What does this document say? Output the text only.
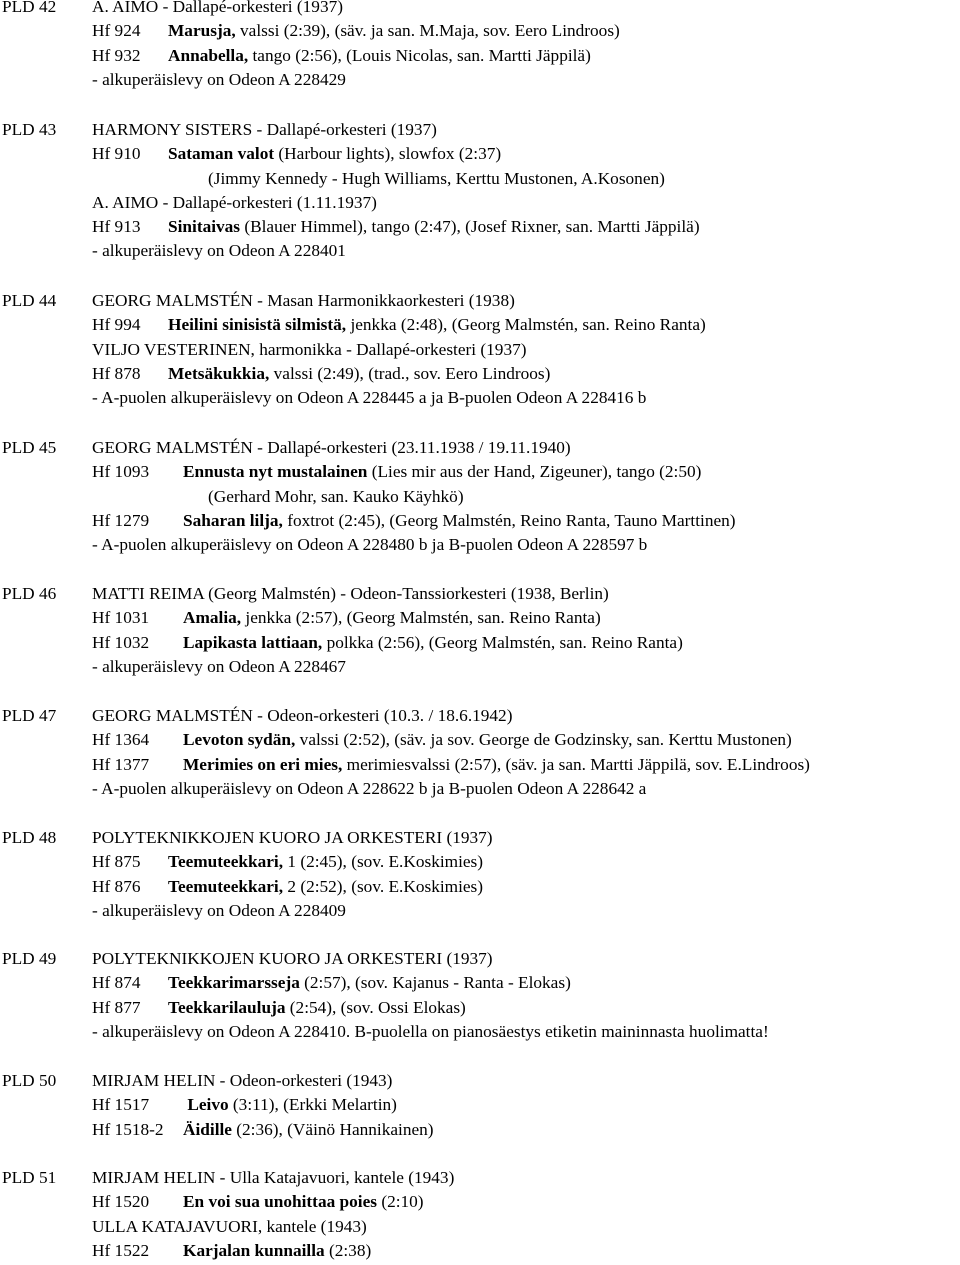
PLD 42 A. AIMO - Dallapé-orkesteri (1937)
Hf 924 Marusja, valssi (2:39), (säv. ja san. M.Maja, sov. Eero Lindroos)
Hf 932 Annabella, tango (2:56), (Louis Nicolas, san. Martti Jäppilä)
- alkuperäislevy on Odeon A 228429
PLD 43 HARMONY SISTERS - Dallapé-orkesteri (1937)
Hf 910 Sataman valot (Harbour lights), slowfox (2:37)
(Jimmy Kennedy - Hugh Williams, Kerttu Mustonen, A.Kosonen)
A. AIMO - Dallapé-orkesteri (1.11.1937)
Hf 913 Sinitaivas (Blauer Himmel), tango (2:47), (Josef Rixner, san. Martti Jäppilä)
- alkuperäislevy on Odeon A 228401
PLD 44 GEORG MALMSTÉN - Masan Harmonikkaorkesteri (1938)
Hf 994 Heilini sinisistä silmistä, jenkka (2:48), (Georg Malmstén, san. Reino Ranta)
VILJO VESTERINEN, harmonikka - Dallapé-orkesteri (1937)
Hf 878 Metsäkukkia, valssi (2:49), (trad., sov. Eero Lindroos)
- A-puolen alkuperäislevy on Odeon A 228445 a ja B-puolen Odeon A 228416 b
PLD 45 GEORG MALMSTÉN - Dallapé-orkesteri (23.11.1938 / 19.11.1940)
Hf 1093 Ennusta nyt mustalainen (Lies mir aus der Hand, Zigeuner), tango (2:50)
(Gerhard Mohr, san. Kauko Käyhkö)
Hf 1279 Saharan lilja, foxtrot (2:45), (Georg Malmstén, Reino Ranta, Tauno Marttinen)
- A-puolen alkuperäislevy on Odeon A 228480 b ja B-puolen Odeon A 228597 b
PLD 46 MATTI REIMA (Georg Malmstén) - Odeon-Tanssiorkesteri (1938, Berlin)
Hf 1031 Amalia, jenkka (2:57), (Georg Malmstén, san. Reino Ranta)
Hf 1032 Lapikasta lattiaan, polkka (2:56), (Georg Malmstén, san. Reino Ranta)
- alkuperäislevy on Odeon A 228467
PLD 47 GEORG MALMSTÉN - Odeon-orkesteri (10.3. / 18.6.1942)
Hf 1364 Levoton sydän, valssi (2:52), (säv. ja sov. George de Godzinsky, san. Kerttu Mustonen)
Hf 1377 Merimies on eri mies, merimiesvalssi (2:57), (säv. ja san. Martti Jäppilä, sov. E.Lindroos)
- A-puolen alkuperäislevy on Odeon A 228622 b ja B-puolen Odeon A 228642 a
PLD 48 POLYTEKNIKKOJEN KUORO JA ORKESTERI (1937)
Hf 875 Teemuteekkari, 1 (2:45), (sov. E.Koskimies)
Hf 876 Teemuteekkari, 2 (2:52), (sov. E.Koskimies)
- alkuperäislevy on Odeon A 228409
PLD 49 POLYTEKNIKKOJEN KUORO JA ORKESTERI (1937)
Hf 874 Teekkarimarsseja (2:57), (sov. Kajanus - Ranta - Elokas)
Hf 877 Teekkarilauluja (2:54), (sov. Ossi Elokas)
- alkuperäislevy on Odeon A 228410. B-puolella on pianosäestys etiketin maininnasta huolimatta!
PLD 50 MIRJAM HELIN - Odeon-orkesteri (1943)
Hf 1517 Leivo (3:11), (Erkki Melartin)
Hf 1518-2 Äidille (2:36), (Väinö Hannikainen)
PLD 51 MIRJAM HELIN - Ulla Katajavuori, kantele (1943)
Hf 1520 En voi sua unohittaa poies (2:10)
ULLA KATAJAVUORI, kantele (1943)
Hf 1522 Karjalan kunnailla (2:38)
